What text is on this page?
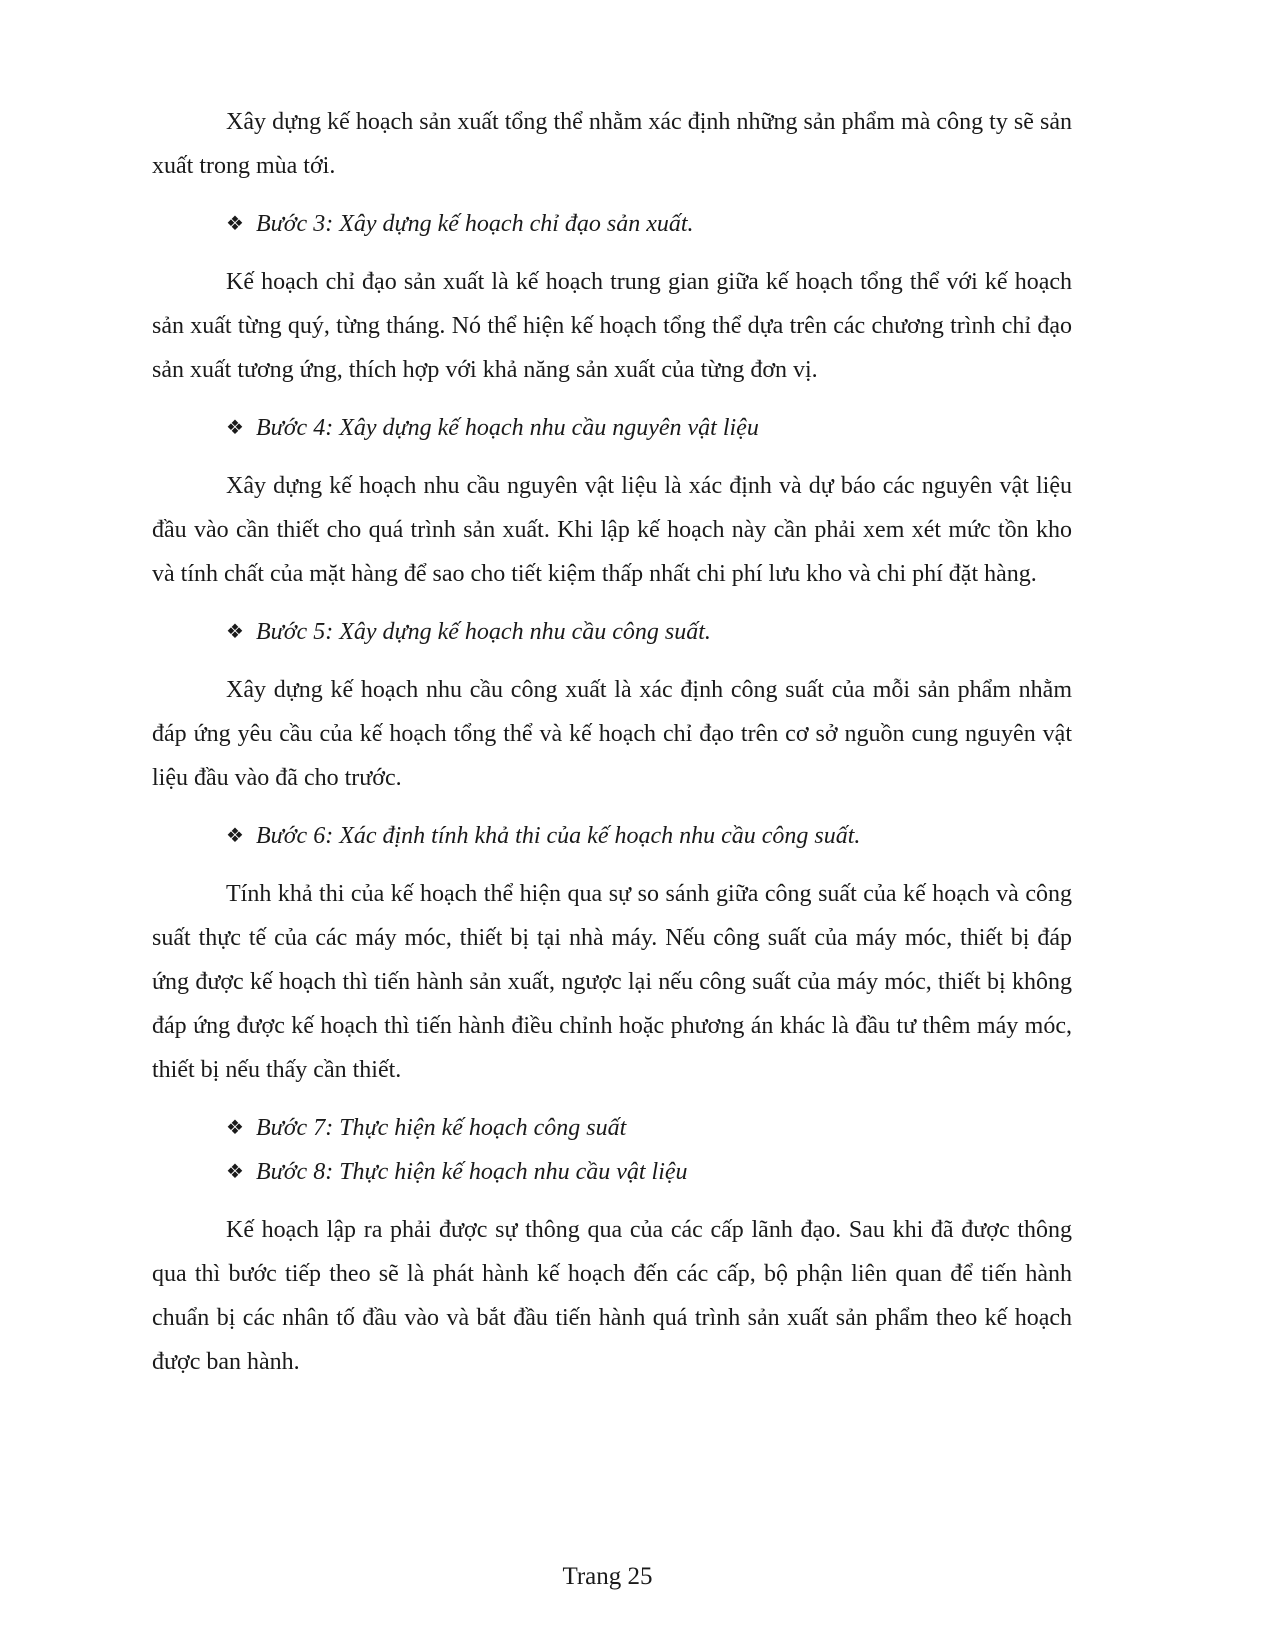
Xây dựng kế hoạch sản xuất tổng thể nhằm xác định những sản phẩm mà công ty sẽ sản xuất trong mùa tới.

❖ Bước 3: Xây dựng kế hoạch chỉ đạo sản xuất.

Kế hoạch chỉ đạo sản xuất là kế hoạch trung gian giữa kế hoạch tổng thể với kế hoạch sản xuất từng quý, từng tháng. Nó thể hiện kế hoạch tổng thể dựa trên các chương trình chỉ đạo sản xuất tương ứng, thích hợp với khả năng sản xuất của từng đơn vị.

❖ Bước 4: Xây dựng kế hoạch nhu cầu nguyên vật liệu

Xây dựng kế hoạch nhu cầu nguyên vật liệu là xác định và dự báo các nguyên vật liệu đầu vào cần thiết cho quá trình sản xuất. Khi lập kế hoạch này cần phải xem xét mức tồn kho và tính chất của mặt hàng để sao cho tiết kiệm thấp nhất chi phí lưu kho và chi phí đặt hàng.

❖ Bước 5: Xây dựng kế hoạch nhu cầu công suất.

Xây dựng kế hoạch nhu cầu công xuất là xác định công suất của mỗi sản phẩm nhằm đáp ứng yêu cầu của kế hoạch tổng thể và kế hoạch chỉ đạo trên cơ sở nguồn cung nguyên vật liệu đầu vào đã cho trước.

❖ Bước 6: Xác định tính khả thi của kế hoạch nhu cầu công suất.

Tính khả thi của kế hoạch thể hiện qua sự so sánh giữa công suất của kế hoạch và công suất thực tế của các máy móc, thiết bị tại nhà máy. Nếu công suất của máy móc, thiết bị đáp ứng được kế hoạch thì tiến hành sản xuất, ngược lại nếu công suất của máy móc, thiết bị không đáp ứng được kế hoạch thì tiến hành điều chỉnh hoặc phương án khác là đầu tư thêm máy móc, thiết bị nếu thấy cần thiết.

❖ Bước 7: Thực hiện kế hoạch công suất
❖ Bước 8: Thực hiện kế hoạch nhu cầu vật liệu

Kế hoạch lập ra phải được sự thông qua của các cấp lãnh đạo. Sau khi đã được thông qua thì bước tiếp theo sẽ là phát hành kế hoạch đến các cấp, bộ phận liên quan để tiến hành chuẩn bị các nhân tố đầu vào và bắt đầu tiến hành quá trình sản xuất sản phẩm theo kế hoạch được ban hành.

Trang 25
